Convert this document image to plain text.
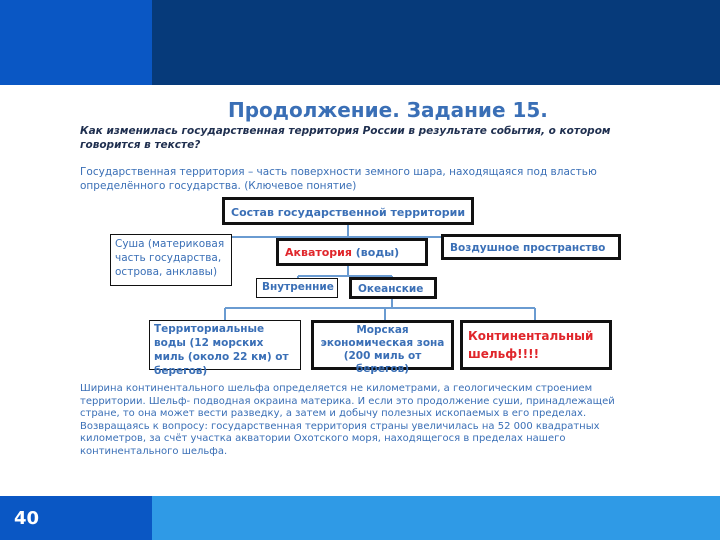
Продолжение. Задание 15.
Как изменилась государственная территория России в результате события, о котором говорится в тексте?
Государственная территория – часть поверхности земного шара, находящаяся под властью определённого государства. (Ключевое понятие)
Состав государственной территории
Суша (материковая часть государства, острова, анклавы)
Акватория (воды)	Воздушное пространство
Внутренние	Океанские
Территориальные воды (12 морских миль (около 22 км) от берегов)
Морская экономическая зона (200 миль от берегов)
Континентальный шельф!!!!
Ширина континентального шельфа определяется не километрами, а геологическим строением территории. Шельф- подводная окраина материка. И если это продолжение суши, принадлежащей стране, то она может вести разведку, а затем и добычу полезных ископаемых в его пределах.
Возвращаясь к вопросу: государственная территория страны увеличилась на 52 000 квадратных километров, за счёт участка акватории Охотского моря, находящегося в пределах нашего континентального шельфа.
40
